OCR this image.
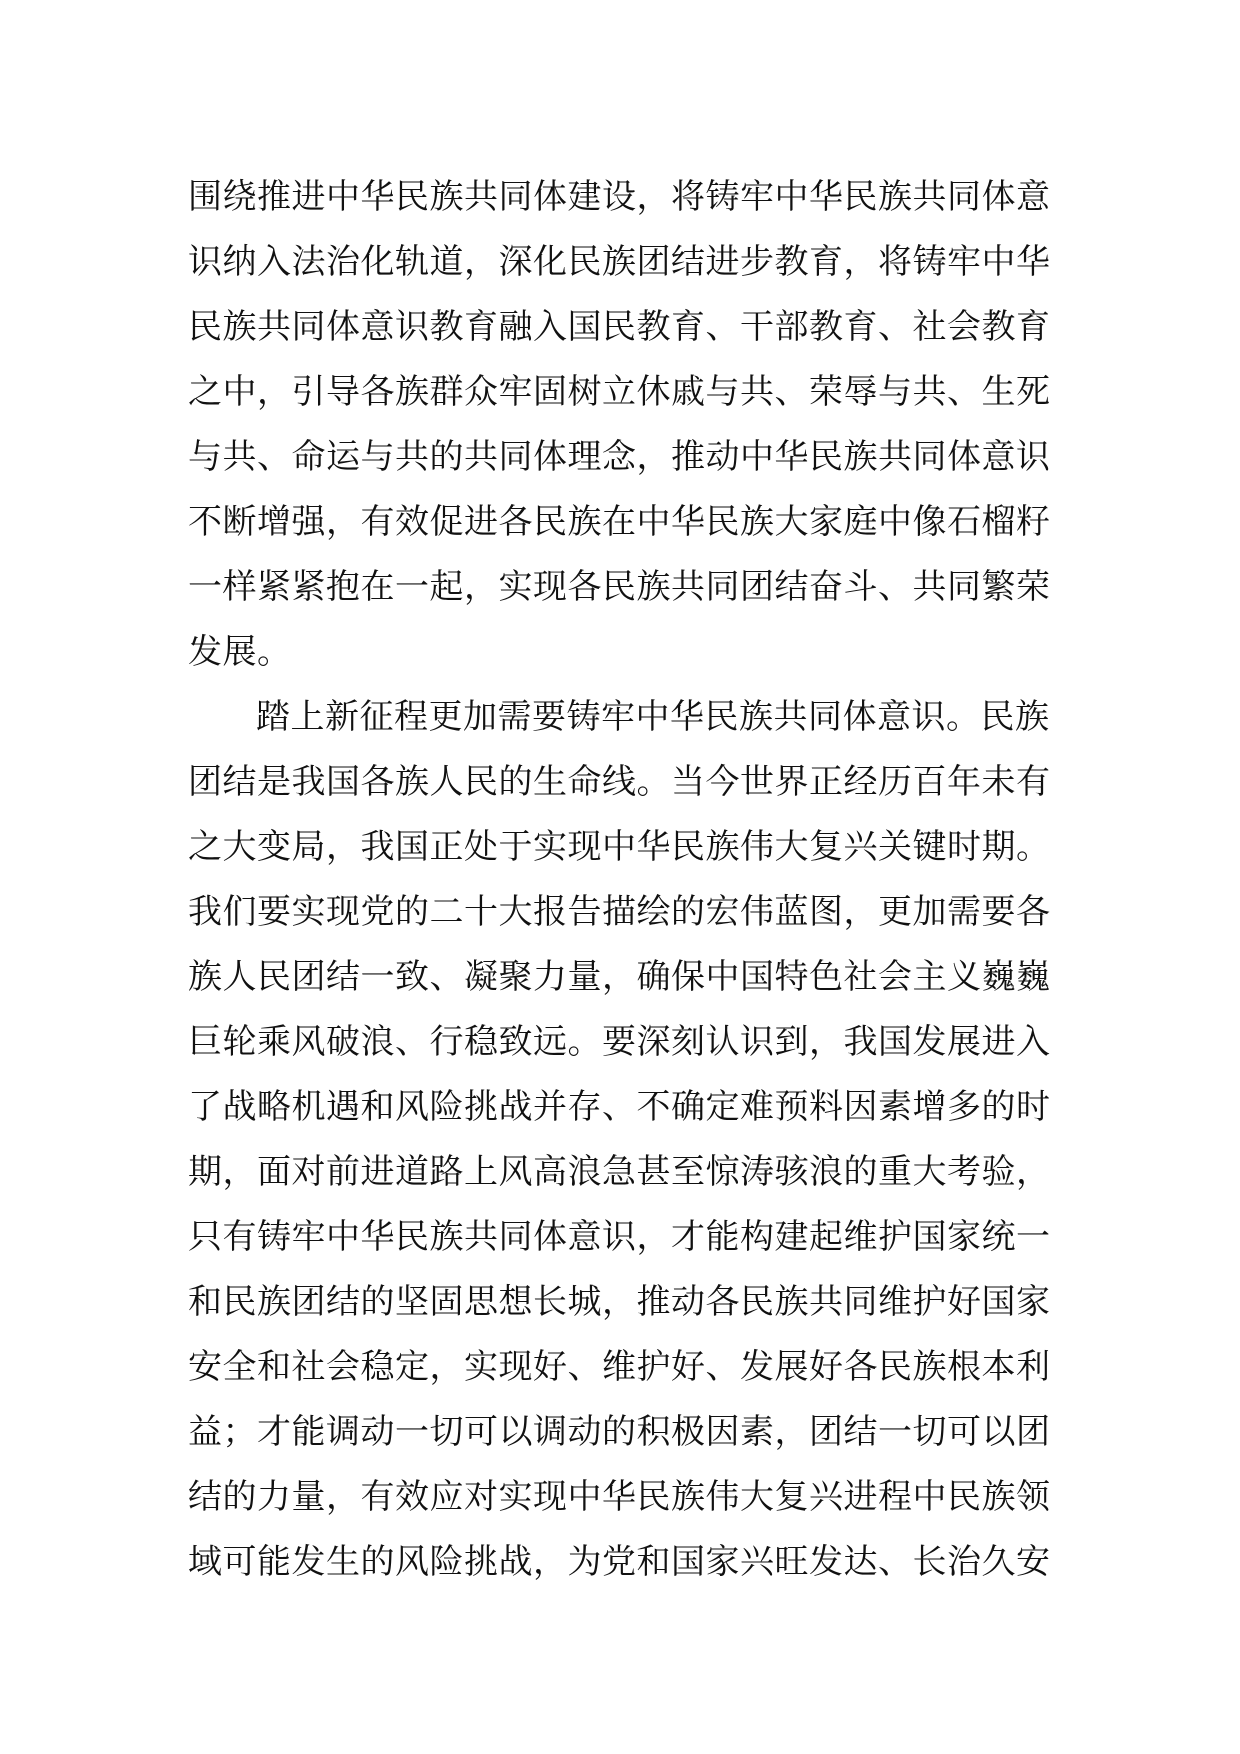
围绕推进中华民族共同体建设，将铸牢中华民族共同体意
识纳入法治化轨道，深化民族团结进步教育，将铸牢中华
民族共同体意识教育融入国民教育、干部教育、社会教育
之中，引导各族群众牢固树立休戚与共、荣辱与共、生死
与共、命运与共的共同体理念，推动中华民族共同体意识
不断增强，有效促进各民族在中华民族大家庭中像石榴籽
一样紧紧抱在一起，实现各民族共同团结奋斗、共同繁荣
发展。
踏上新征程更加需要铸牢中华民族共同体意识。民族
团结是我国各族人民的生命线。当今世界正经历百年未有
之大变局，我国正处于实现中华民族伟大复兴关键时期。
我们要实现党的二十大报告描绘的宏伟蓝图，更加需要各
族人民团结一致、凝聚力量，确保中国特色社会主义巍巍
巨轮乘风破浪、行稳致远。要深刻认识到，我国发展进入
了战略机遇和风险挑战并存、不确定难预料因素增多的时
期，面对前进道路上风高浪急甚至惊涛骇浪的重大考验，
只有铸牢中华民族共同体意识，才能构建起维护国家统一
和民族团结的坚固思想长城，推动各民族共同维护好国家
安全和社会稳定，实现好、维护好、发展好各民族根本利
益；才能调动一切可以调动的积极因素，团结一切可以团
结的力量，有效应对实现中华民族伟大复兴进程中民族领
域可能发生的风险挑战，为党和国家兴旺发达、长治久安
